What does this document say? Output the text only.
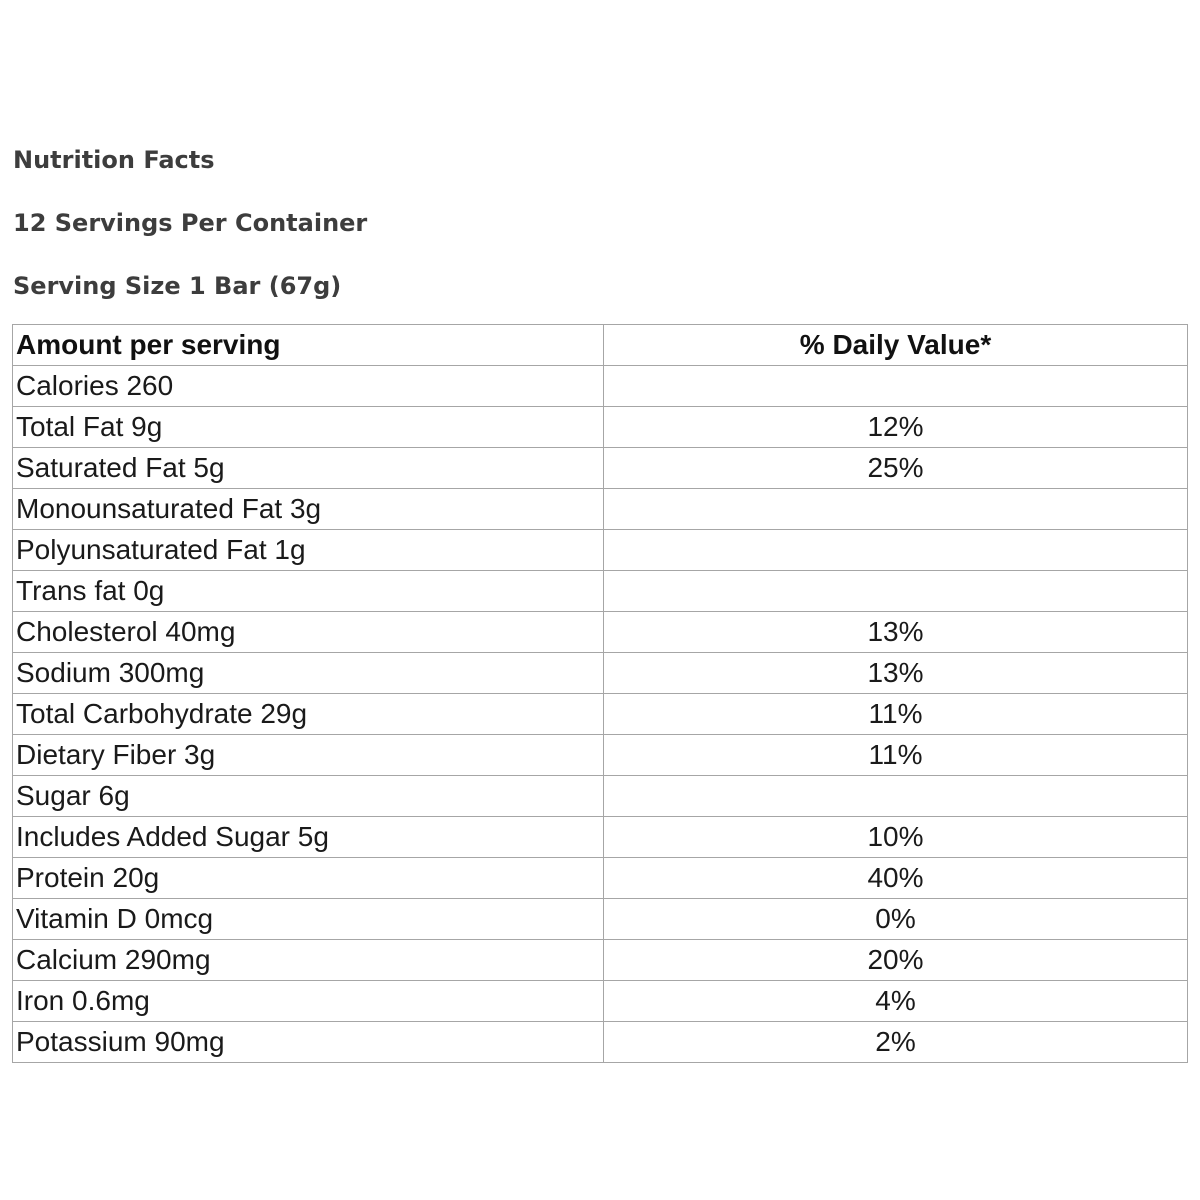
Nutrition Facts
12 Servings Per Container
Serving Size 1 Bar (67g)
Amount per serving	% Daily Value*
Calories 260	
Total Fat 9g	12%
Saturated Fat 5g	25%
Monounsaturated Fat 3g	
Polyunsaturated Fat 1g	
Trans fat 0g	
Cholesterol 40mg	13%
Sodium 300mg	13%
Total Carbohydrate 29g	11%
Dietary Fiber 3g	11%
Sugar 6g	
Includes Added Sugar 5g	10%
Protein 20g	40%
Vitamin D 0mcg	0%
Calcium 290mg	20%
Iron 0.6mg	4%
Potassium 90mg	2%
